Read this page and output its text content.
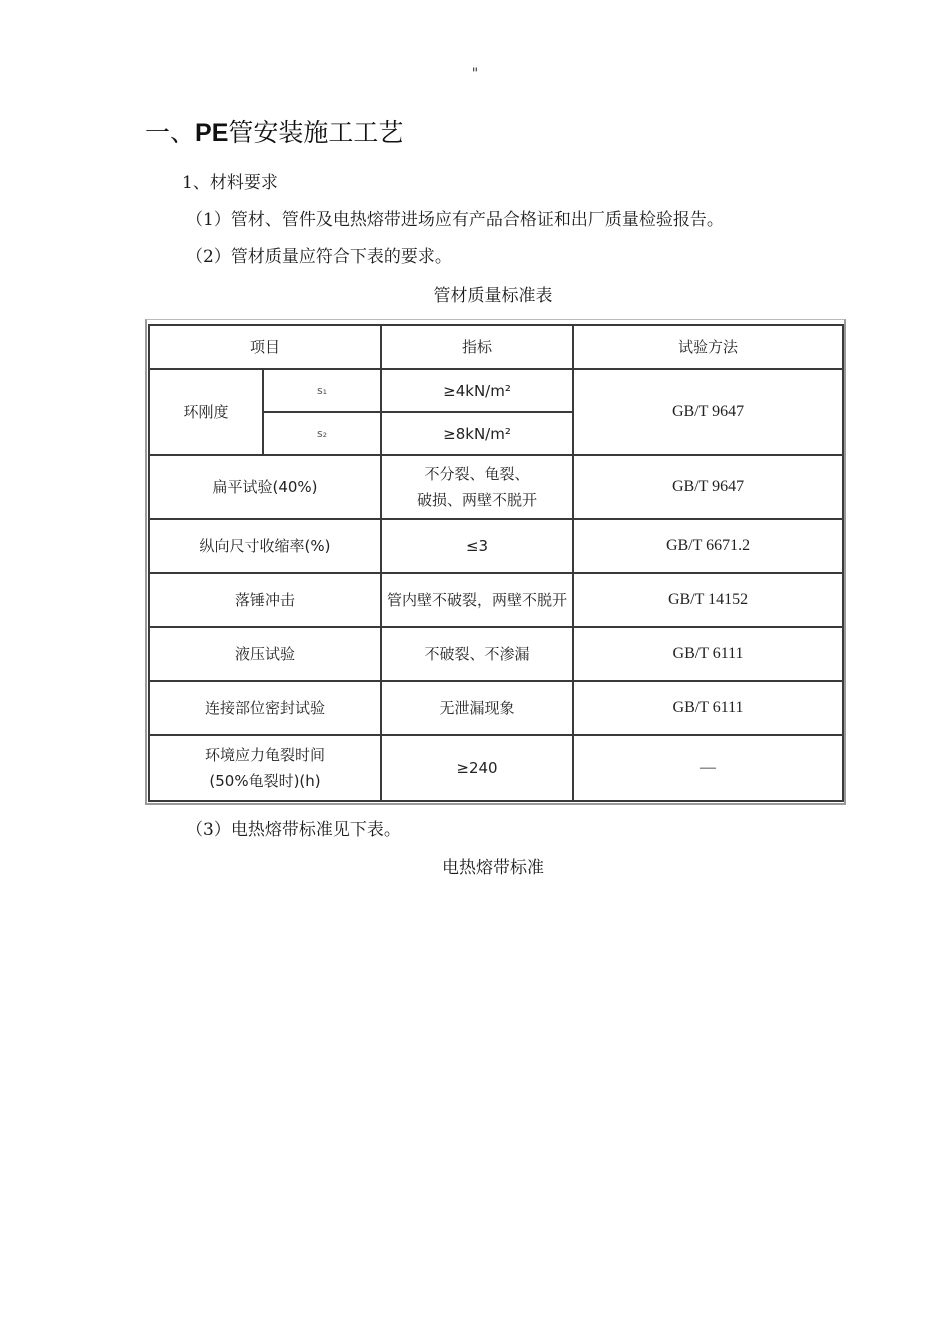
"
一、PE管安装施工工艺
1、材料要求
（1）管材、管件及电热熔带进场应有产品合格证和出厂质量检验报告。
（2）管材质量应符合下表的要求。
管材质量标准表
项目		指标	试验方法
环刚度	s₁	≥4kN/m²	GB/T 9647
	s₂	≥8kN/m²	
扁平试验(40%)		不分裂、龟裂、
破损、两壁不脱开	GB/T 9647
纵向尺寸收缩率(%)		≤3	GB/T 6671.2
落锤冲击		管内壁不破裂，两壁不脱开	GB/T 14152
液压试验		不破裂、不渗漏	GB/T 6111
连接部位密封试验		无泄漏现象	GB/T 6111

环境应力龟裂时间
(50%龟裂时)(h)		≥240	—
（3）电热熔带标准见下表。
电热熔带标准
